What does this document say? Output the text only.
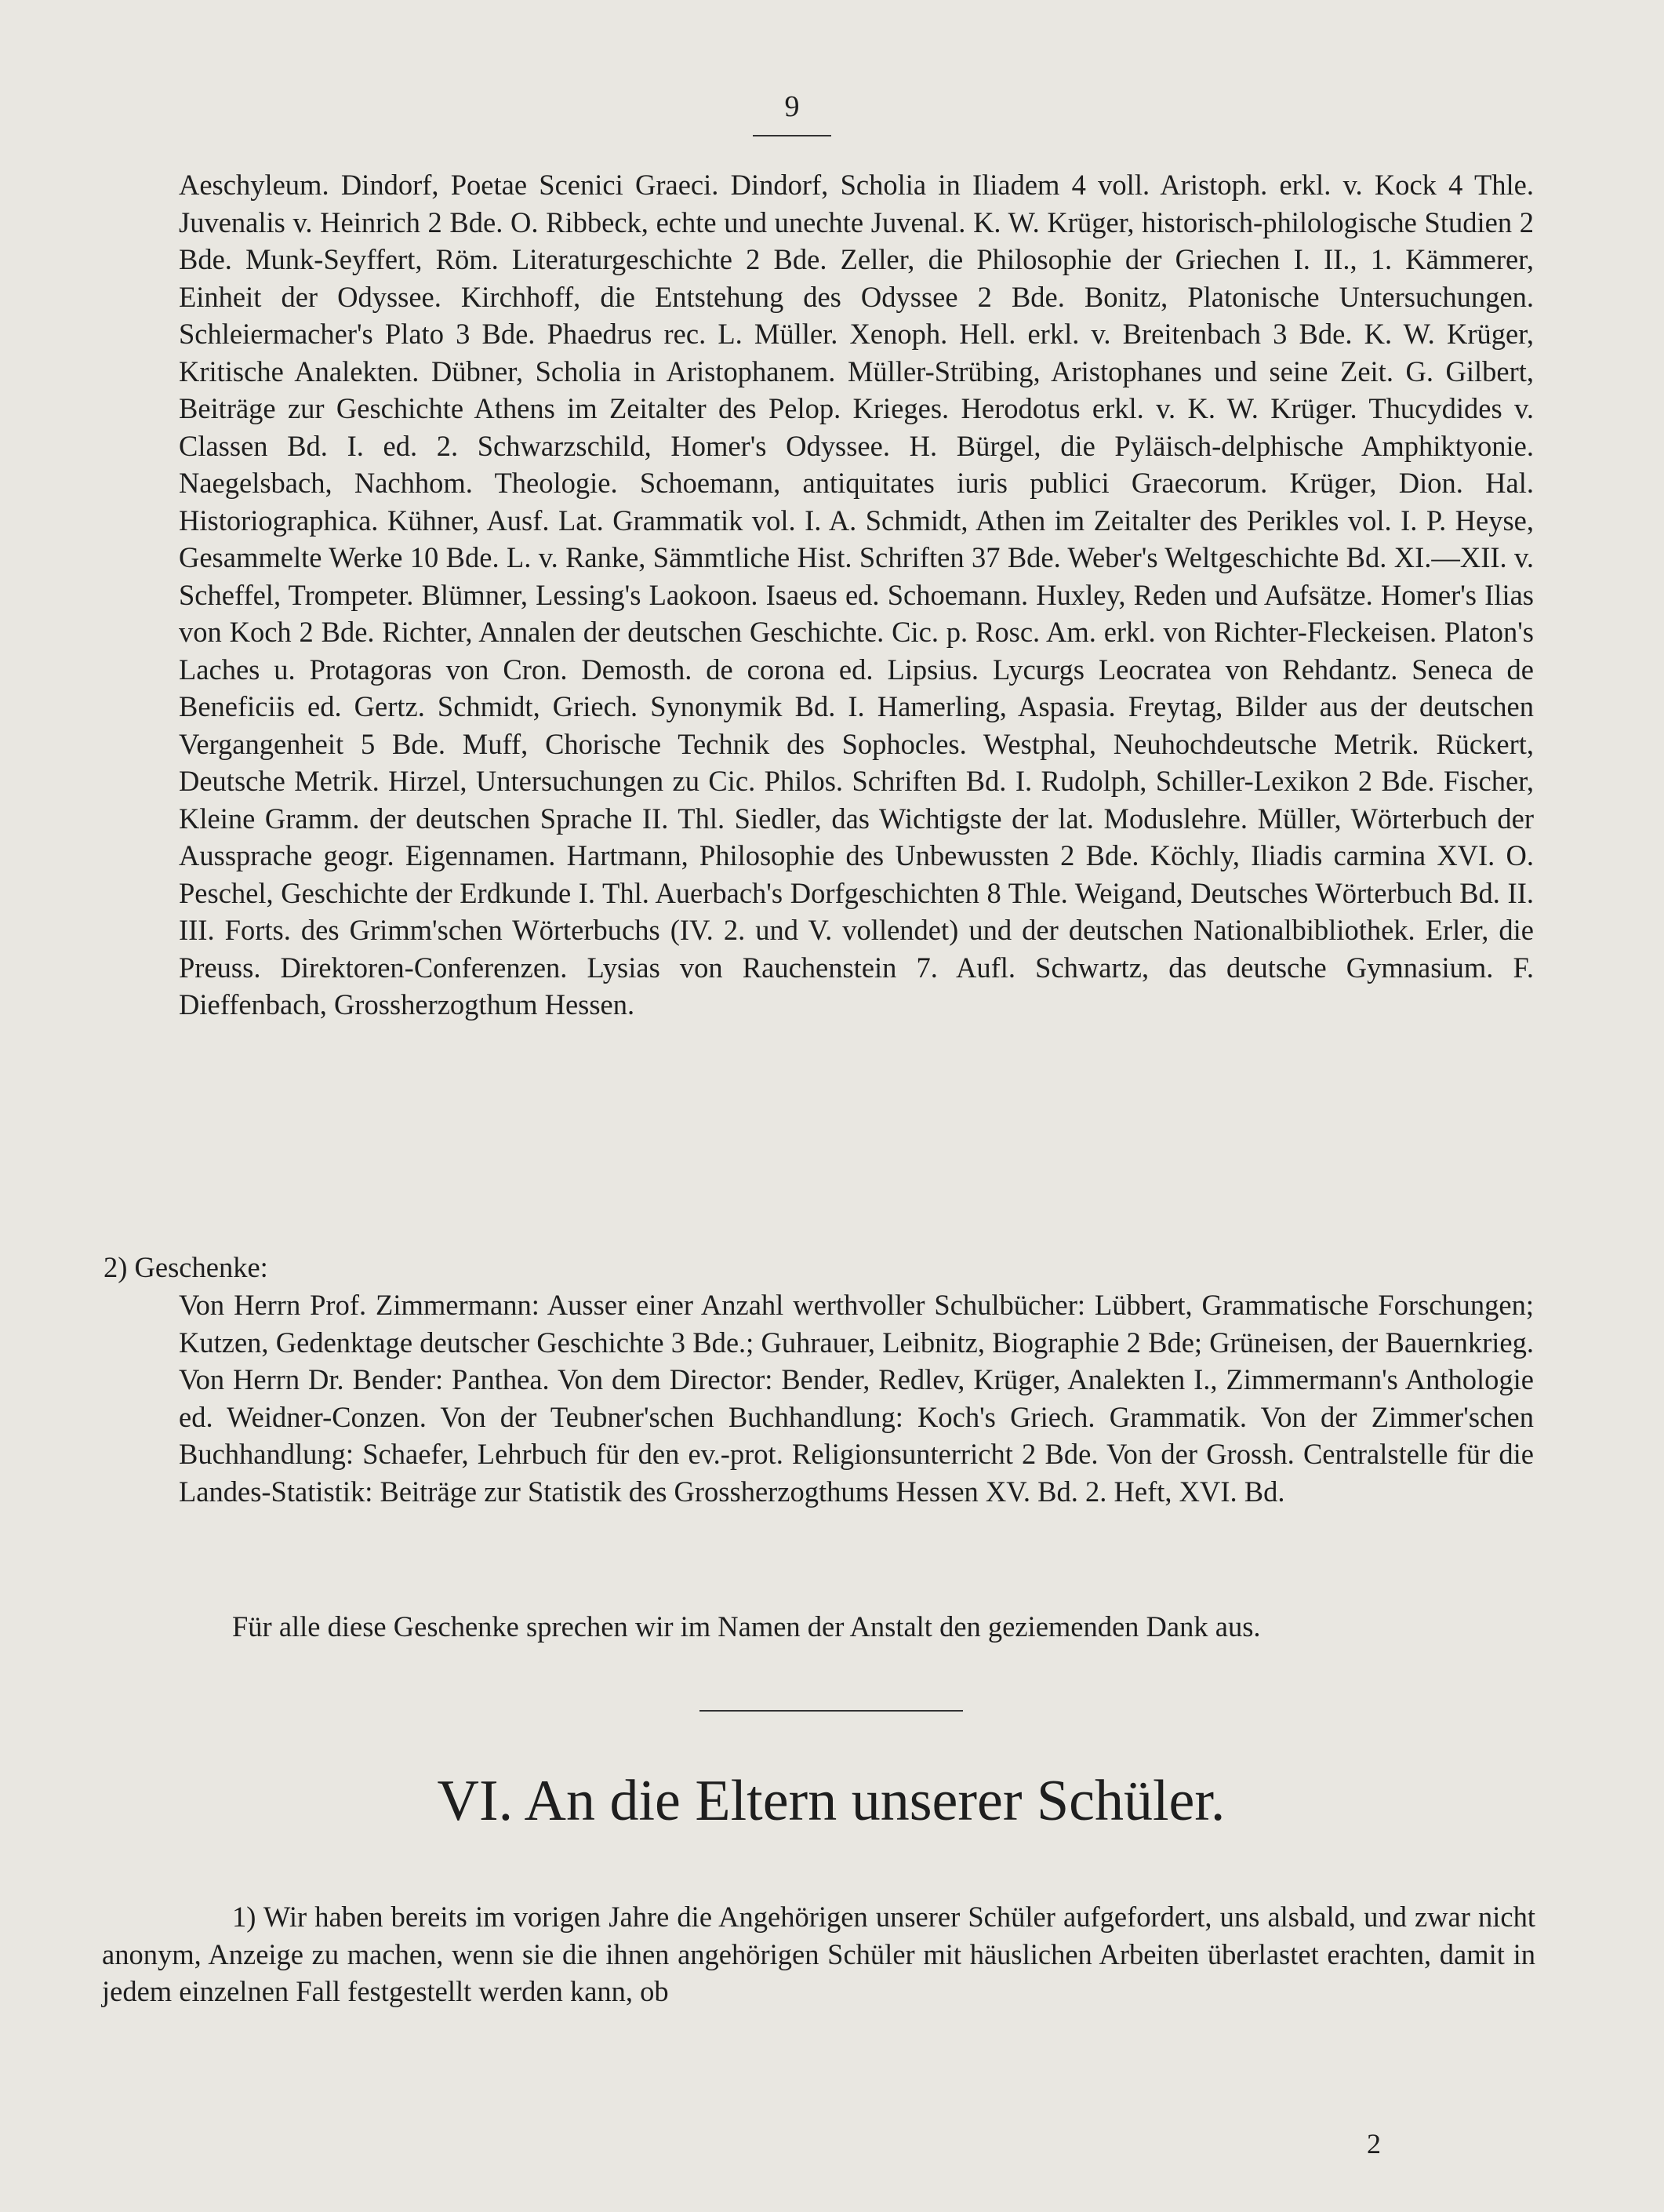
9

Aeschyleum. Dindorf, Poetae Scenici Graeci. Dindorf, Scholia in Iliadem 4 voll. Aristoph. erkl. v. Kock 4 Thle. Juvenalis v. Heinrich 2 Bde. O. Ribbeck, echte und unechte Juvenal. K. W. Krüger, historisch-philologische Studien 2 Bde. Munk-Seyffert, Röm. Literaturgeschichte 2 Bde. Zeller, die Philosophie der Griechen I. II., 1. Kämmerer, Einheit der Odyssee. Kirchhoff, die Entstehung des Odyssee 2 Bde. Bonitz, Platonische Untersuchungen. Schleiermacher's Plato 3 Bde. Phaedrus rec. L. Müller. Xenoph. Hell. erkl. v. Breitenbach 3 Bde. K. W. Krüger, Kritische Analekten. Dübner, Scholia in Aristophanem. Müller-Strübing, Aristophanes und seine Zeit. G. Gilbert, Beiträge zur Geschichte Athens im Zeitalter des Pelop. Krieges. Herodotus erkl. v. K. W. Krüger. Thucydides v. Classen Bd. I. ed. 2. Schwarzschild, Homer's Odyssee. H. Bürgel, die Pyläisch-delphische Amphiktyonie. Naegelsbach, Nachhom. Theologie. Schoemann, antiquitates iuris publici Graecorum. Krüger, Dion. Hal. Historiographica. Kühner, Ausf. Lat. Grammatik vol. I. A. Schmidt, Athen im Zeitalter des Perikles vol. I. P. Heyse, Gesammelte Werke 10 Bde. L. v. Ranke, Sämmtliche Hist. Schriften 37 Bde. Weber's Weltgeschichte Bd. XI.—XII. v. Scheffel, Trompeter. Blümner, Lessing's Laokoon. Isaeus ed. Schoemann. Huxley, Reden und Aufsätze. Homer's Ilias von Koch 2 Bde. Richter, Annalen der deutschen Geschichte. Cic. p. Rosc. Am. erkl. von Richter-Fleckeisen. Platon's Laches u. Protagoras von Cron. Demosth. de corona ed. Lipsius. Lycurgs Leocratea von Rehdantz. Seneca de Beneficiis ed. Gertz. Schmidt, Griech. Synonymik Bd. I. Hamerling, Aspasia. Freytag, Bilder aus der deutschen Vergangenheit 5 Bde. Muff, Chorische Technik des Sophocles. Westphal, Neuhochdeutsche Metrik. Rückert, Deutsche Metrik. Hirzel, Untersuchungen zu Cic. Philos. Schriften Bd. I. Rudolph, Schiller-Lexikon 2 Bde. Fischer, Kleine Gramm. der deutschen Sprache II. Thl. Siedler, das Wichtigste der lat. Moduslehre. Müller, Wörterbuch der Aussprache geogr. Eigennamen. Hartmann, Philosophie des Unbewussten 2 Bde. Köchly, Iliadis carmina XVI. O. Peschel, Geschichte der Erdkunde I. Thl. Auerbach's Dorfgeschichten 8 Thle. Weigand, Deutsches Wörterbuch Bd. II. III. Forts. des Grimm'schen Wörterbuchs (IV. 2. und V. vollendet) und der deutschen Nationalbibliothek. Erler, die Preuss. Direktoren-Conferenzen. Lysias von Rauchenstein 7. Aufl. Schwartz, das deutsche Gymnasium. F. Dieffenbach, Grossherzogthum Hessen.

2) Geschenke:

Von Herrn Prof. Zimmermann: Ausser einer Anzahl werthvoller Schulbücher: Lübbert, Grammatische Forschungen; Kutzen, Gedenktage deutscher Geschichte 3 Bde.; Guhrauer, Leibnitz, Biographie 2 Bde; Grüneisen, der Bauernkrieg. Von Herrn Dr. Bender: Panthea. Von dem Director: Bender, Redlev, Krüger, Analekten I., Zimmermann's Anthologie ed. Weidner-Conzen. Von der Teubner'schen Buchhandlung: Koch's Griech. Grammatik. Von der Zimmer'schen Buchhandlung: Schaefer, Lehrbuch für den ev.-prot. Religionsunterricht 2 Bde. Von der Grossh. Centralstelle für die Landes-Statistik: Beiträge zur Statistik des Grossherzogthums Hessen XV. Bd. 2. Heft, XVI. Bd.

Für alle diese Geschenke sprechen wir im Namen der Anstalt den geziemenden Dank aus.

VI. An die Eltern unserer Schüler.

1) Wir haben bereits im vorigen Jahre die Angehörigen unserer Schüler aufgefordert, uns alsbald, und zwar nicht anonym, Anzeige zu machen, wenn sie die ihnen angehörigen Schüler mit häuslichen Arbeiten überlastet erachten, damit in jedem einzelnen Fall festgestellt werden kann, ob

2
